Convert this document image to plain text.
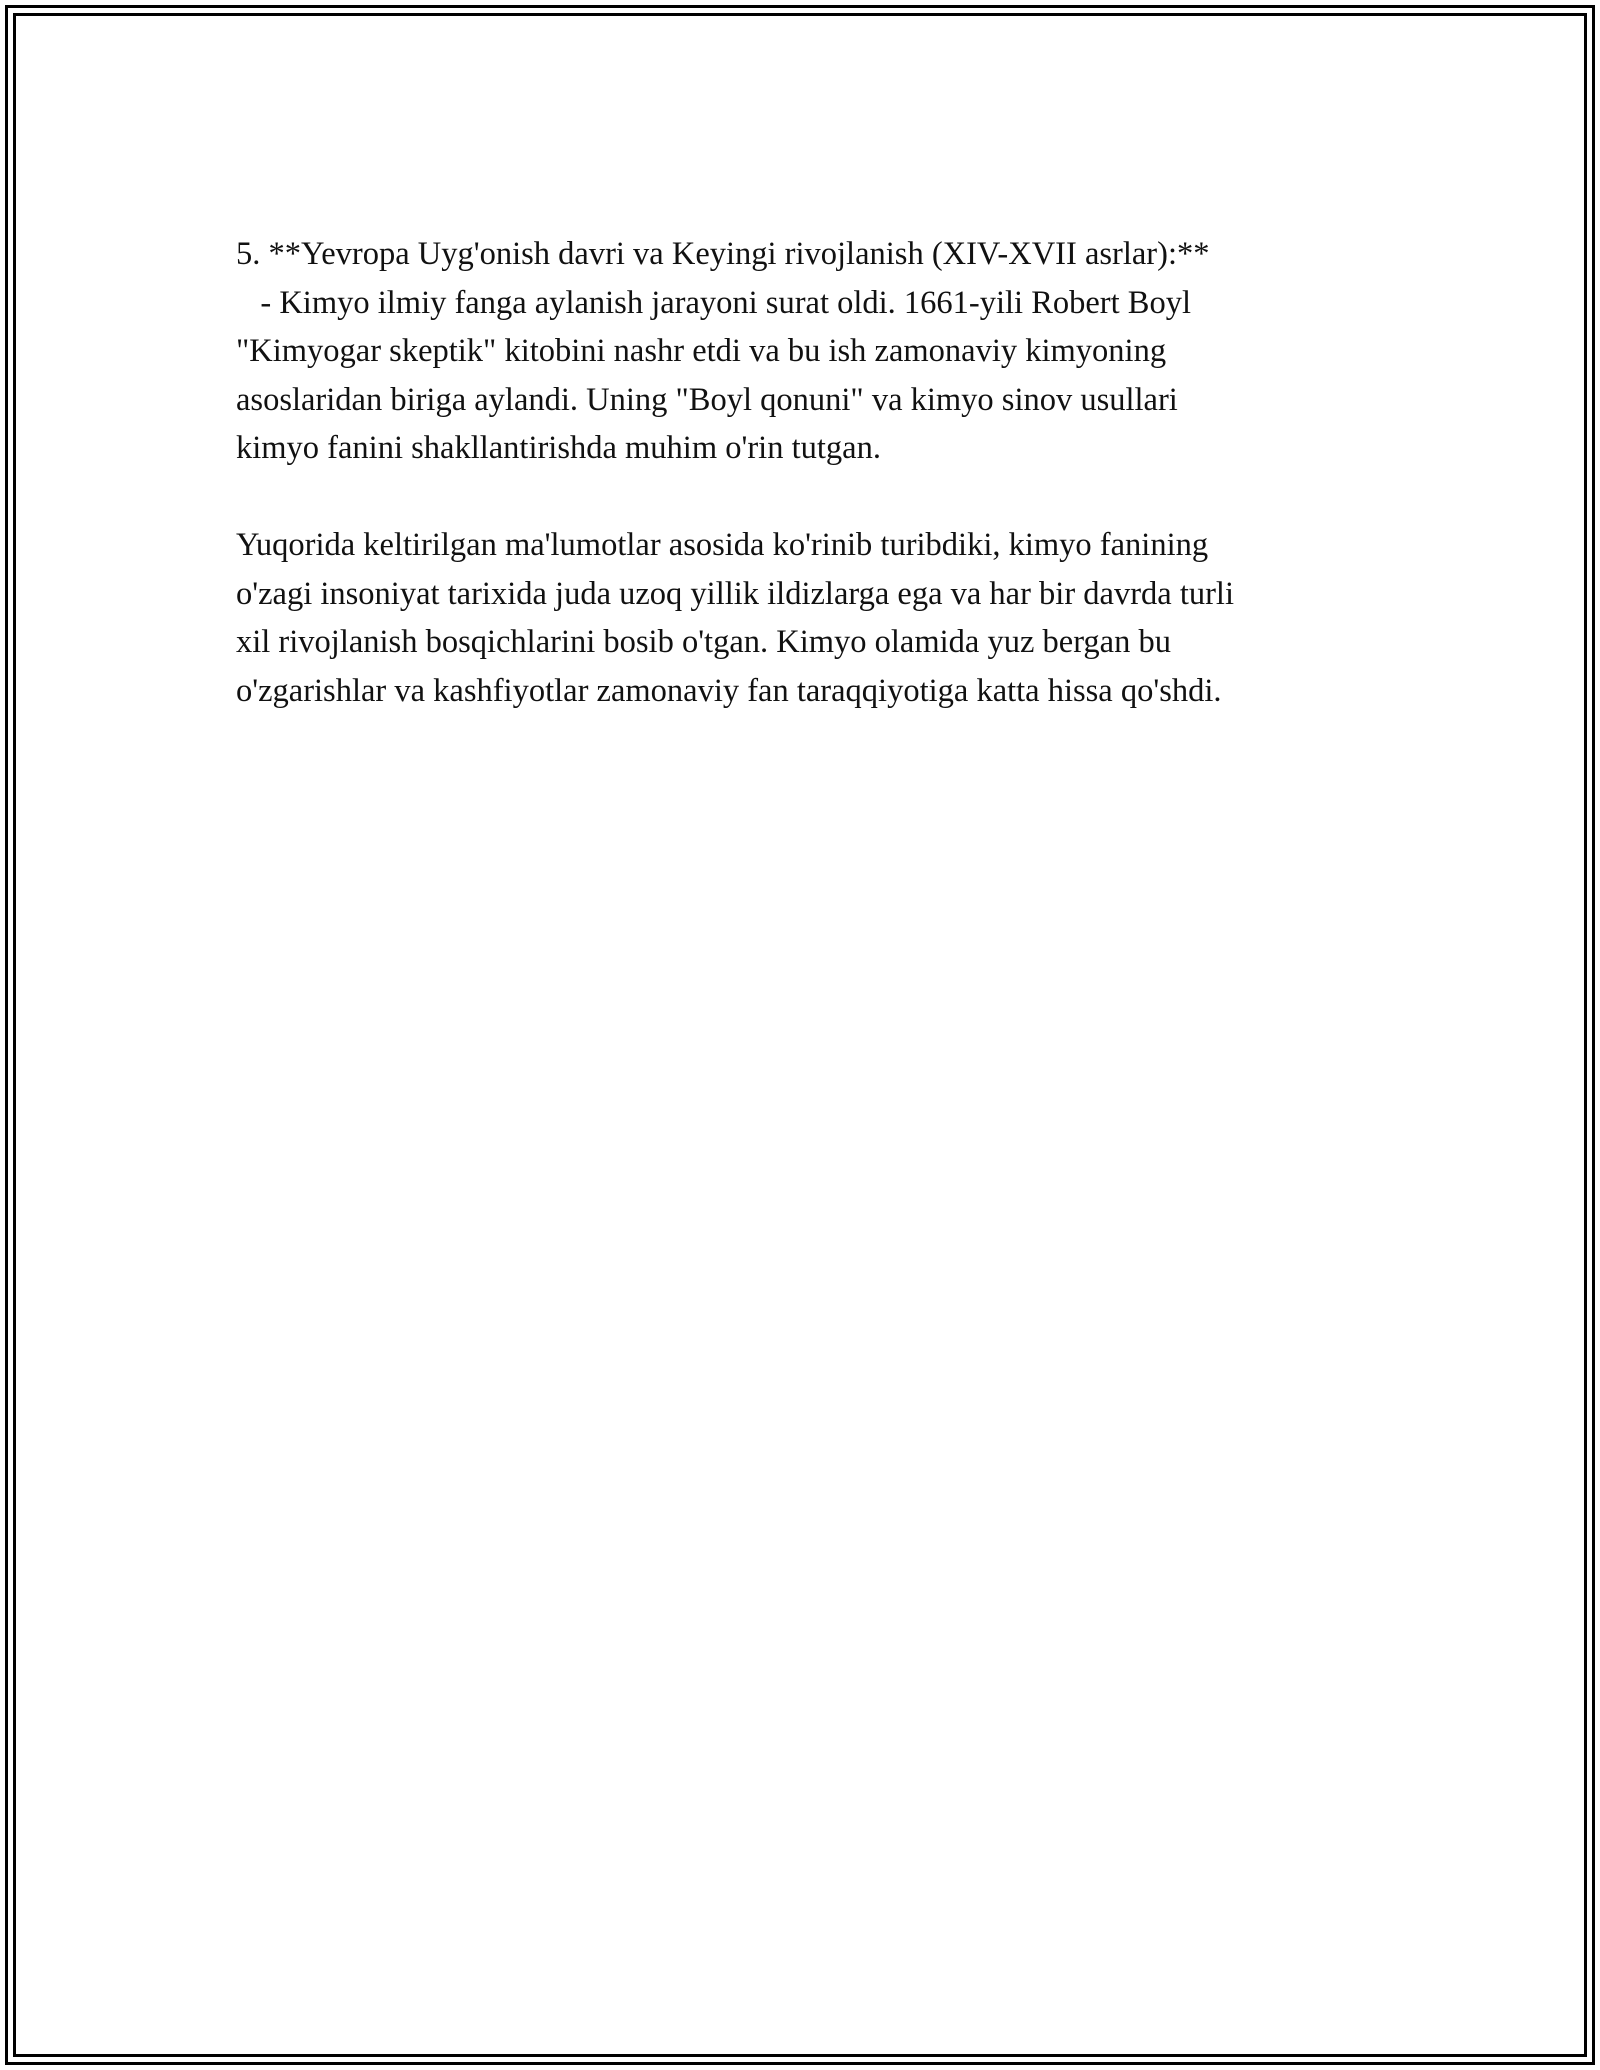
5. **Yevropa Uyg'onish davri va Keyingi rivojlanish (XIV-XVII asrlar):**
- Kimyo ilmiy fanga aylanish jarayoni surat oldi. 1661-yili Robert Boyl
"Kimyogar skeptik" kitobini nashr etdi va bu ish zamonaviy kimyoning
asoslaridan biriga aylandi. Uning "Boyl qonuni" va kimyo sinov usullari
kimyo fanini shakllantirishda muhim o'rin tutgan.
Yuqorida keltirilgan ma'lumotlar asosida ko'rinib turibdiki, kimyo fanining
o'zagi insoniyat tarixida juda uzoq yillik ildizlarga ega va har bir davrda turli
xil rivojlanish bosqichlarini bosib o'tgan. Kimyo olamida yuz bergan bu
o'zgarishlar va kashfiyotlar zamonaviy fan taraqqiyotiga katta hissa qo'shdi.
